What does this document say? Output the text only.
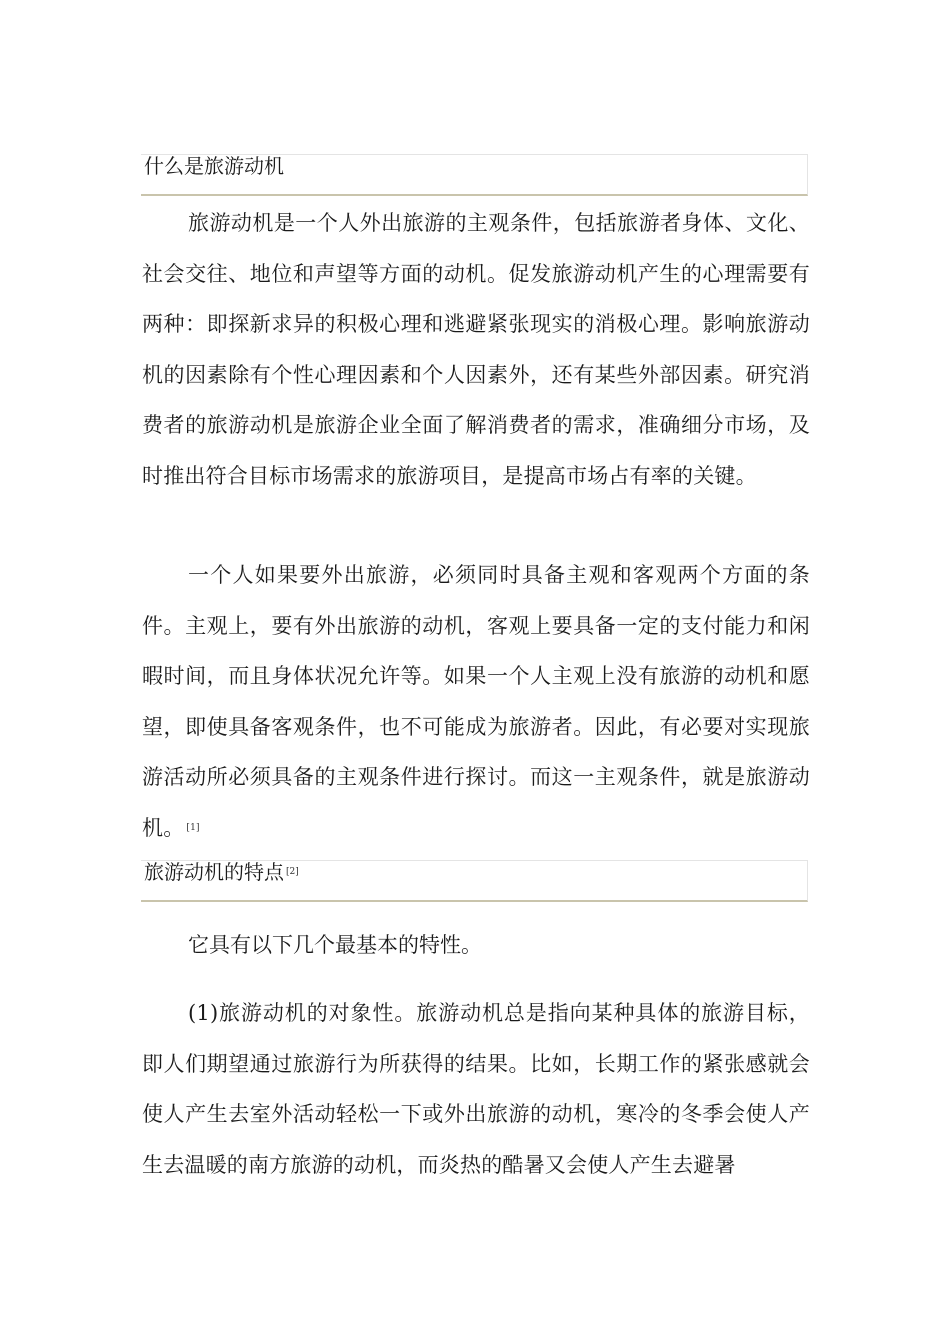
什么是旅游动机

旅游动机是一个人外出旅游的主观条件，包括旅游者身体、文化、社会交往、地位和声望等方面的动机。促发旅游动机产生的心理需要有两种：即探新求异的积极心理和逃避紧张现实的消极心理。影响旅游动机的因素除有个性心理因素和个人因素外，还有某些外部因素。研究消费者的旅游动机是旅游企业全面了解消费者的需求，准确细分市场，及时推出符合目标市场需求的旅游项目，是提高市场占有率的关键。

一个人如果要外出旅游，必须同时具备主观和客观两个方面的条件。主观上，要有外出旅游的动机，客观上要具备一定的支付能力和闲暇时间，而且身体状况允许等。如果一个人主观上没有旅游的动机和愿望，即使具备客观条件，也不可能成为旅游者。因此，有必要对实现旅游活动所必须具备的主观条件进行探讨。而这一主观条件，就是旅游动机。 [1]

旅游动机的特点 [2]

它具有以下几个最基本的特性。

(1)旅游动机的对象性。旅游动机总是指向某种具体的旅游目标，即人们期望通过旅游行为所获得的结果。比如，长期工作的紧张感就会使人产生去室外活动轻松一下或外出旅游的动机，寒冷的冬季会使人产生去温暖的南方旅游的动机，而炎热的酷暑又会使人产生去避暑
